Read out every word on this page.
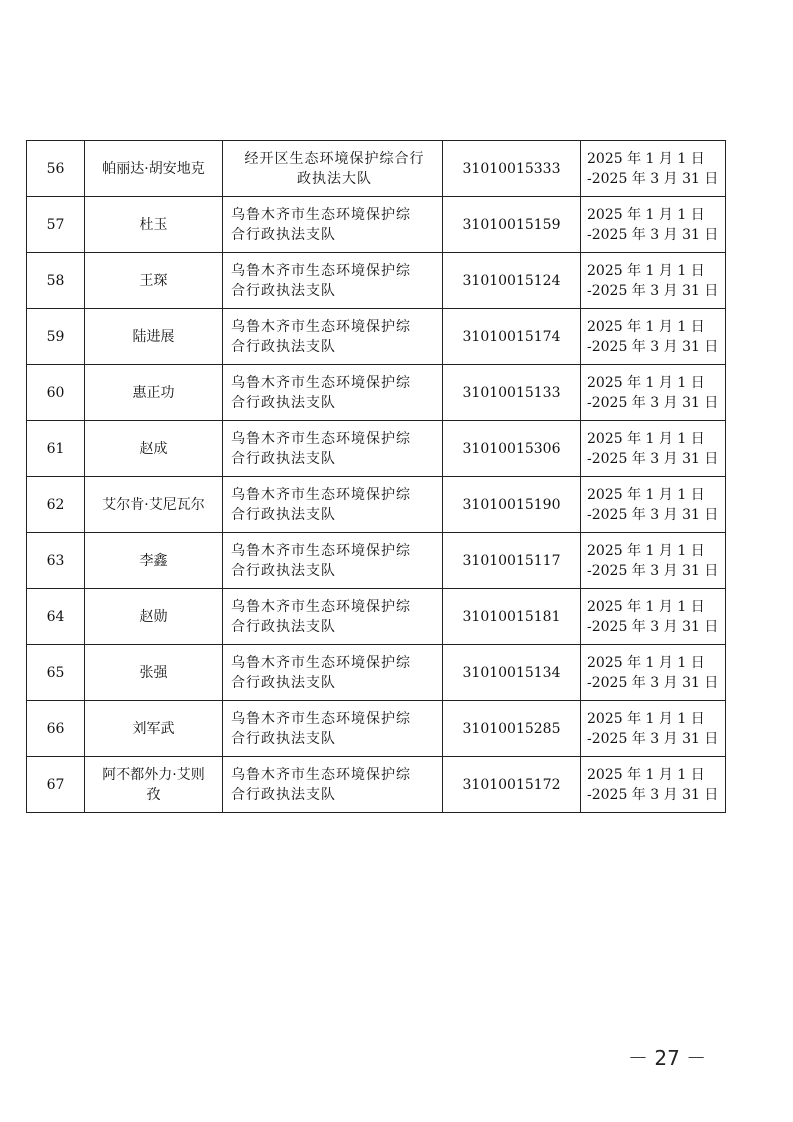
56	帕丽达·胡安地克	经开区生态环境保护综合行
政执法大队	31010015333	2025 年 1 月 1 日
-2025 年 3 月 31 日

57	杜玉	乌鲁木齐市生态环境保护综
合行政执法支队	31010015159	2025 年 1 月 1 日
-2025 年 3 月 31 日

58	王琛	乌鲁木齐市生态环境保护综
合行政执法支队	31010015124	2025 年 1 月 1 日
-2025 年 3 月 31 日

59	陆进展	乌鲁木齐市生态环境保护综
合行政执法支队	31010015174	2025 年 1 月 1 日
-2025 年 3 月 31 日

60	惠正功	乌鲁木齐市生态环境保护综
合行政执法支队	31010015133	2025 年 1 月 1 日
-2025 年 3 月 31 日

61	赵成	乌鲁木齐市生态环境保护综
合行政执法支队	31010015306	2025 年 1 月 1 日
-2025 年 3 月 31 日

62	艾尔肯·艾尼瓦尔	乌鲁木齐市生态环境保护综
合行政执法支队	31010015190	2025 年 1 月 1 日
-2025 年 3 月 31 日

63	李鑫	乌鲁木齐市生态环境保护综
合行政执法支队	31010015117	2025 年 1 月 1 日
-2025 年 3 月 31 日

64	赵勋	乌鲁木齐市生态环境保护综
合行政执法支队	31010015181	2025 年 1 月 1 日
-2025 年 3 月 31 日

65	张强	乌鲁木齐市生态环境保护综
合行政执法支队	31010015134	2025 年 1 月 1 日
-2025 年 3 月 31 日

66	刘军武	乌鲁木齐市生态环境保护综
合行政执法支队	31010015285	2025 年 1 月 1 日
-2025 年 3 月 31 日

67	阿不都外力·艾则
孜	乌鲁木齐市生态环境保护综
合行政执法支队	31010015172	2025 年 1 月 1 日
-2025 年 3 月 31 日
－ 27 －
